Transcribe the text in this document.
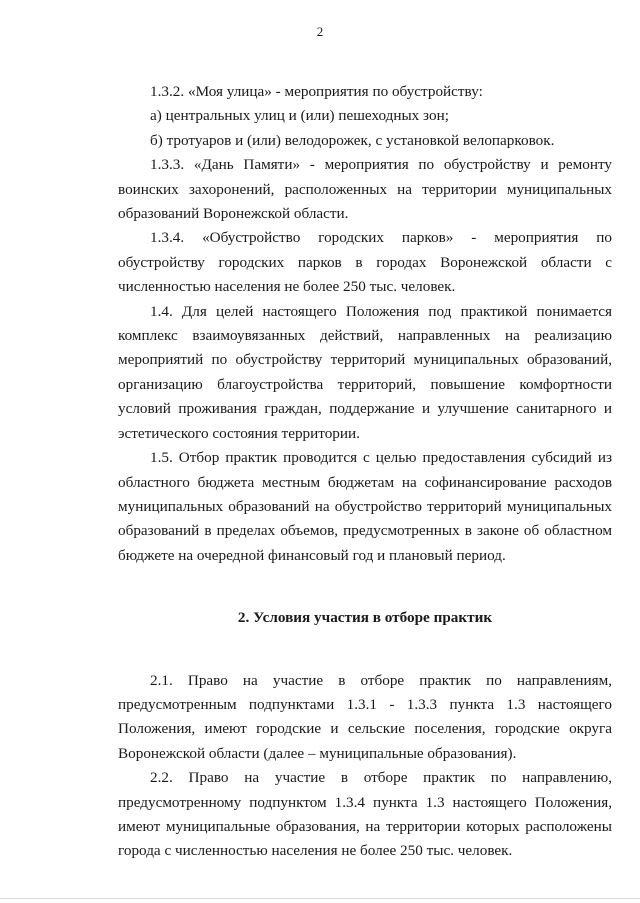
2

1.3.2. «Моя улица» - мероприятия по обустройству:

а) центральных улиц и (или) пешеходных зон;

б) тротуаров и (или) велодорожек, с установкой велопарковок.

1.3.3. «Дань Памяти» - мероприятия по обустройству и ремонту воинских захоронений, расположенных на территории муниципальных образований Воронежской области.

1.3.4. «Обустройство городских парков» - мероприятия по обустройству городских парков в городах Воронежской области с численностью населения не более 250 тыс. человек.

1.4. Для целей настоящего Положения под практикой понимается комплекс взаимоувязанных действий, направленных на реализацию мероприятий по обустройству территорий муниципальных образований, организацию благоустройства территорий, повышение комфортности условий проживания граждан, поддержание и улучшение санитарного и эстетического состояния территории.

1.5. Отбор практик проводится с целью предоставления субсидий из областного бюджета местным бюджетам на софинансирование расходов муниципальных образований на обустройство территорий муниципальных образований в пределах объемов, предусмотренных в законе об областном бюджете на очередной финансовый год и плановый период.

2. Условия участия в отборе практик

2.1. Право на участие в отборе практик по направлениям, предусмотренным подпунктами 1.3.1 - 1.3.3 пункта 1.3 настоящего Положения, имеют городские и сельские поселения, городские округа Воронежской области (далее – муниципальные образования).

2.2. Право на участие в отборе практик по направлению, предусмотренному подпунктом 1.3.4 пункта 1.3 настоящего Положения, имеют муниципальные образования, на территории которых расположены города с численностью населения не более 250 тыс. человек.
